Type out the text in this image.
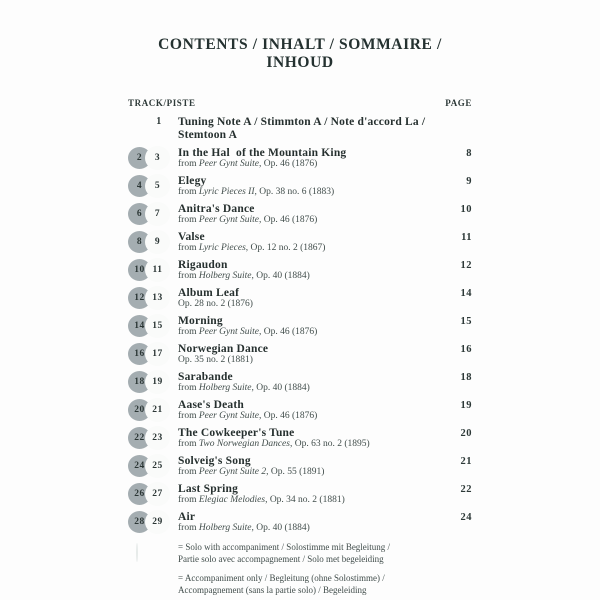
CONTENTS / INHALT / SOMMAIRE / INHOUD
TRACK/PISTE	PAGE
1	Tuning Note A / Stimmton A / Note d'accord La / Stemtoon A
2 3 In the Hal  of the Mountain King
from Peer Gynt Suite, Op. 46 (1876)
8
4 5 Elegy
from Lyric Pieces II, Op. 38 no. 6 (1883)
9
6 7 Anitra's Dance
from Peer Gynt Suite, Op. 46 (1876)
10
8 9 Valse
from Lyric Pieces, Op. 12 no. 2 (1867)
11
10 11 Rigaudon
from Holberg Suite, Op. 40 (1884)
12
12 13 Album Leaf
Op. 28 no. 2 (1876)
14
14 15 Morning
from Peer Gynt Suite, Op. 46 (1876)
15
16 17 Norwegian Dance
Op. 35 no. 2 (1881)
16
18 19 Sarabande
from Holberg Suite, Op. 40 (1884)
18
20 21 Aase's Death
from Peer Gynt Suite, Op. 46 (1876)
19
22 23 The Cowkeeper's Tune
from Two Norwegian Dances, Op. 63 no. 2 (1895)
20
24 25 Solveig's Song
from Peer Gynt Suite 2, Op. 55 (1891)
21
26 27 Last Spring
from Elegiac Melodies, Op. 34 no. 2 (1881)
22
28 29 Air
from Holberg Suite, Op. 40 (1884)
24
= Solo with accompaniment / Solostimme mit Begleitung /
Partie solo avec accompagnement / Solo met begeleiding
= Accompaniment only / Begleitung (ohne Solostimme) /
Accompagnement (sans la partie solo) / Begeleiding
